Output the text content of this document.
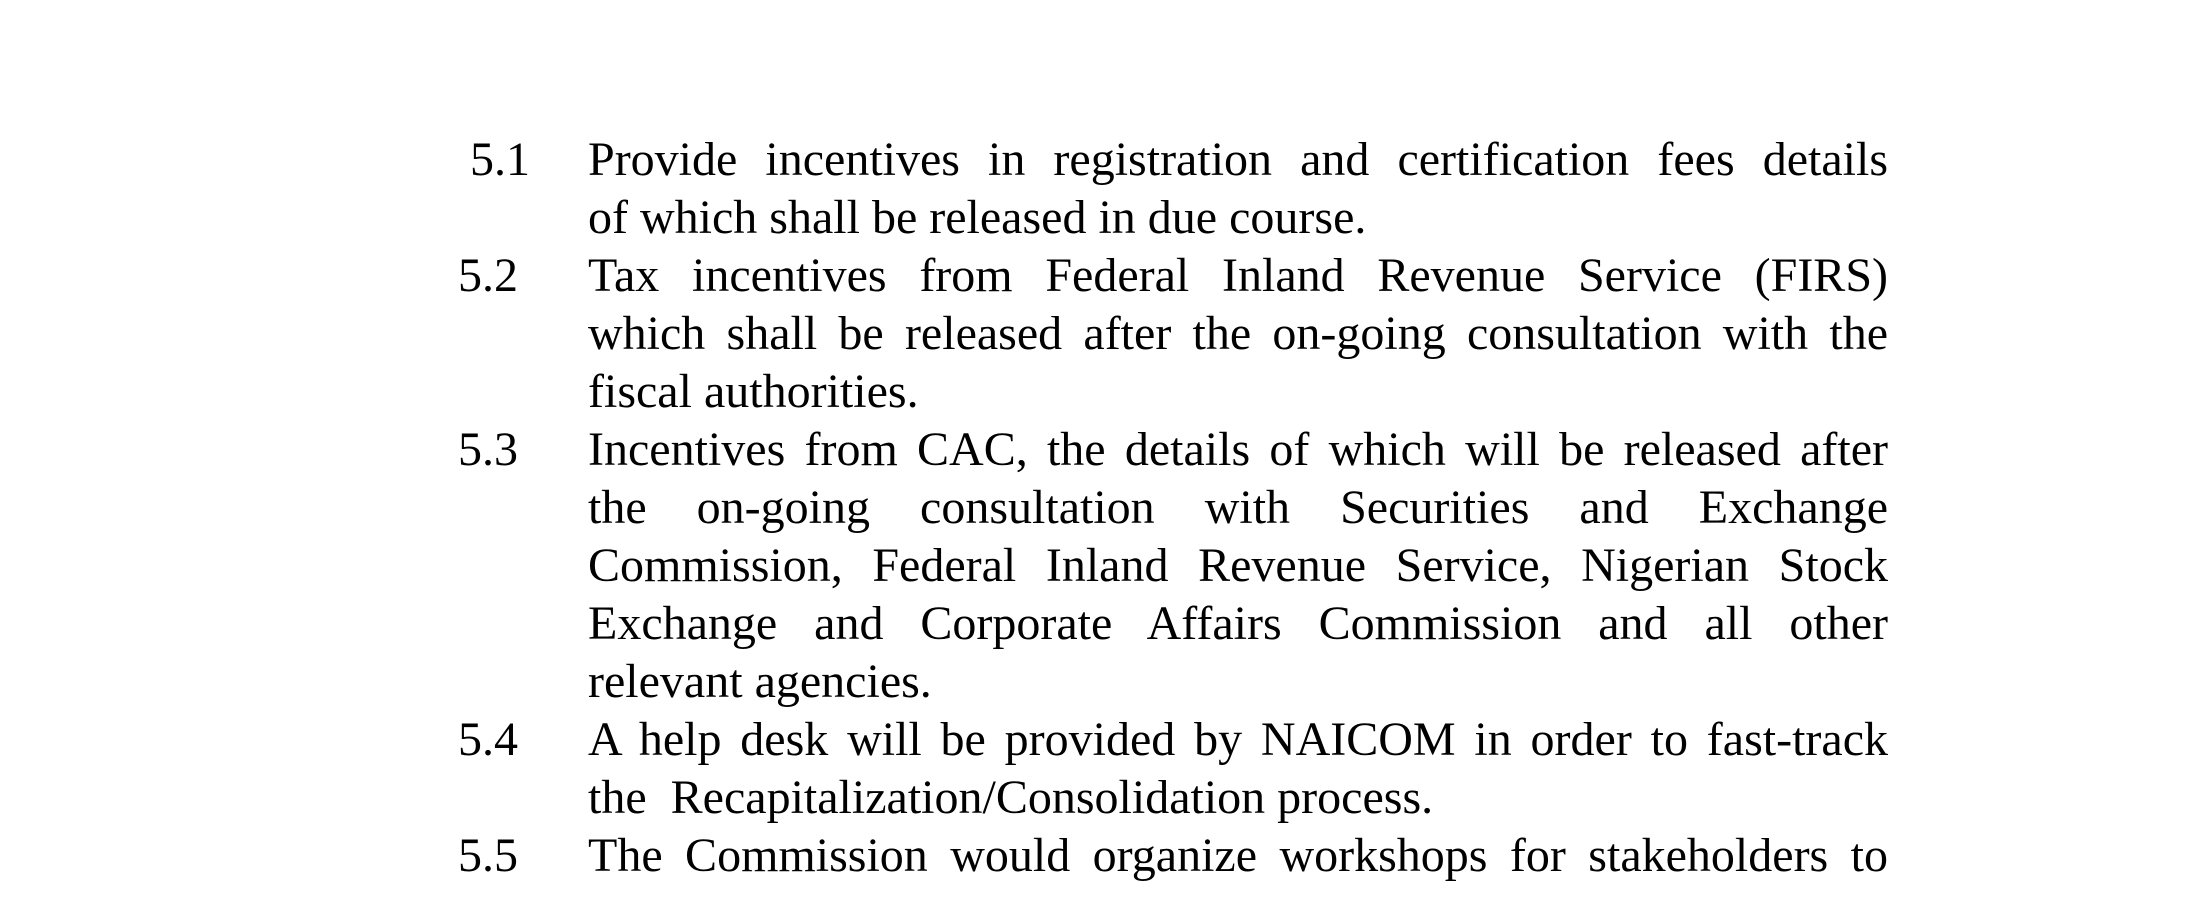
5.1 Provide incentives in registration and certification fees details
of which shall be released in due course.
5.2 Tax incentives from Federal Inland Revenue Service (FIRS)
which shall be released after the on-going consultation with the
fiscal authorities.
5.3 Incentives from CAC, the details of which will be released after
the on-going consultation with Securities and Exchange
Commission, Federal Inland Revenue Service, Nigerian Stock
Exchange and Corporate Affairs Commission and all other
relevant agencies.
5.4 A help desk will be provided by NAICOM in order to fast-track
the  Recapitalization/Consolidation process.
5.5 The Commission would organize workshops for stakeholders to
